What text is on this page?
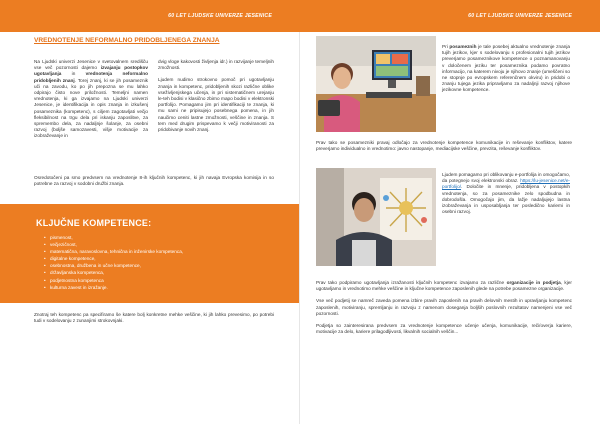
VREDNOTENJE NEFORMALNO PRIDOBLJENEGA ZNANJA

Na Ljudski univerzi Jesenice v svetovalnem središču vse več pozornosti dajemo izvajanju postopkov ugotavljanja in vrednotenja neformalno pridobljenih znanj. Torej znanj, ki se jih posameznik uči na zavodu, ko po jih prepozna se mu lahko odpirajo čisto nove priložnosti. Temeljni namen vrednotenja, ki ga izvajamo na Ljudski univerzi Jesenice, je identifikacija in opis znanja in izkušenj posameznika (kompetenc), s ciljem zagotavljati večjo fleksibilnost na trgu dela pri iskanju zaposlitve, za spremembo dela, za nadaljnje šolanje, za osebni razvoj (boljše samozavesti, višje motivacije za izobraževanje in

dvig vloge kakovosti življenja idr.) in razvijanje temeljnih zmožnosti.

Ljudem nudimo strokovno pomoč pri ugotavljanju znanja in kompetenc, pridobljenih skozi različne oblike vseživljenjskega učenja, in pri sistematičnem urejanju le-teh bodisi v klasično zbirno mapo bodisi v elektronski portfolijo. Pomagamo jim pri identifikaciji te znanja, ki mu sami ne pripisujejo posebnega pomena, in jih naučimo ceniti lastne zmožnosti, veščine in znanja. S tem med drugim prispevamo k večji motiviranosti za pridobivanje novih znanj.

Osredotočeni pa smo predvsem na vrednotenje 8-ih ključnih kompetenc, ki jih navaja Evropska komisija in so potrebne za razvoj v sodobni družbi znanja.

KLJUČNE KOMPETENCE:
• pismenost,
• večjezičnost,
• matematična, naravoslovna, tehnična in inženirske kompetenca,
• digitalne kompetence,
• osebnostna, družbena in učne kompetence,
• državljanska kompetenca,
• podjetnostna kompetenca
• kulturna zavest in izražanje.

Znotraj teh kompetenc pa specifiramo še katere bolj konkretne mehke veščine, ki jih lahko prevesimo, po potrebi tudi v sodelovanju z zunanjimi strokovnjaki.

60 LET LJUDSKE UNIVERZE JESENICE

Pri posameznih je tale posebej aktualno vrednotenje znanja tujih jezikov, kjer s sodelovanju s profesionalni tujih jezikov preverjamo posameznikove kompetence o poznamanovanju v določenem jeziku ter posameznika podamo povratno informacijo, na katerem nivoju je njihovo znanje (umeščeni so ne stopnje po evropskem referenčnem okviru) in pridobi o znanju tujega jezika pripravljamo za nadaljnji razvoj njihove jezikovne kompetence.

Prav tako se posamezniki pravaj odločajo za vrednotenje kompetence komunikacije in reševanje konfliktov, katere preverjamo individualno in vrednotimo: javno nastopanje, mediacijske veščine, prevzita, reševanje konfliktov.

Ljudem pomagamo pri oblikovanju e-portfolija in omogočamo, da potegnejo svoj elektronski obraz. https://lu-jesenice.net/e-portfolijo/. Določite in mnenje, pridobljena v postopkih vrednotenja, so za posameznike zelo spodbudna in dobrodošla. Omogočajo jim, da lažje nadaljujejo lastna izobraževanja in usposabljanja ter posledično kariemi in osebni razvoj.

Prav tako podpiramo ugotavljanja izražanosti ključnih kompetenc izvajamo za različne organizacije in podjetja, kjer ugotavljamo in vrednotimo mehke veščine in ključne kompetence zaposlenih glede na potrebe posamezne organizacije.

Vse več podjetij se namreč zaveda pomena izbire pravih zaposlenih na pravih delovnih mestih in upravljanju kompetenc zaposlenih, motiviranju, spremljanju in razvoju z namenom doseganja boljših poslovnih rezultatov namenjeni vse več pozornosti.

Podjetja so zainteresirana predvsem za vrednotenje kompetence učenje učenja, komunikacije, reči/overja kariere, motivacije za delo, kariere prilagodljivosti, likvalnih socialnih veščin...

60 LET LJUDSKE UNIVERZE JESENICE
